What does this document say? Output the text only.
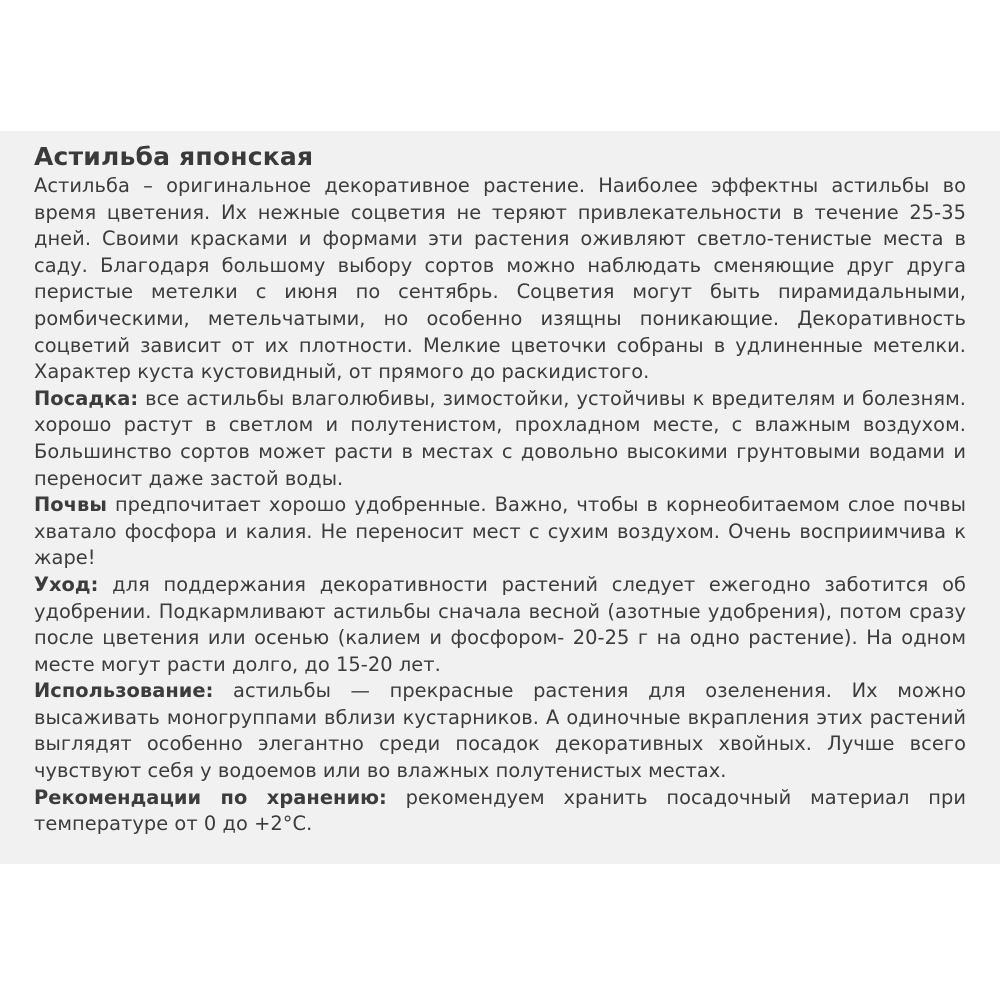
Астильба японская

Астильба – оригинальное декоративное растение. Наиболее эффектны астильбы во время цветения. Их нежные соцветия не теряют привлекательности в течение 25-35 дней. Своими красками и формами эти растения оживляют светло-тенистые места в саду. Благодаря большому выбору сортов можно наблюдать сменяющие друг друга перистые метелки с июня по сентябрь. Соцветия могут быть пирамидальными, ромбическими, метельчатыми, но особенно изящны поникающие. Декоративность соцветий зависит от их плотности. Мелкие цветочки собраны в удлиненные метелки. Характер куста кустовидный, от прямого до раскидистого.

Посадка: все астильбы влаголюбивы, зимостойки, устойчивы к вредителям и болезням. хорошо растут в светлом и полутенистом, прохладном месте, с влажным воздухом. Большинство сортов может расти в местах с довольно высокими грунтовыми водами и переносит даже застой воды.

Почвы предпочитает хорошо удобренные. Важно, чтобы в корнеобитаемом слое почвы хватало фосфора и калия. Не переносит мест с сухим воздухом. Очень восприимчива к жаре!

Уход: для поддержания декоративности растений следует ежегодно заботится об удобрении. Подкармливают астильбы сначала весной (азотные удобрения), потом сразу после цветения или осенью (калием и фосфором- 20-25 г на одно растение). На одном месте могут расти долго, до 15-20 лет.

Использование: астильбы — прекрасные растения для озеленения. Их можно высаживать моногруппами вблизи кустарников. А одиночные вкрапления этих растений выглядят особенно элегантно среди посадок декоративных хвойных. Лучше всего чувствуют себя у водоемов или во влажных полутенистых местах.

Рекомендации по хранению: рекомендуем хранить посадочный материал при температуре от 0 до +2°C.
